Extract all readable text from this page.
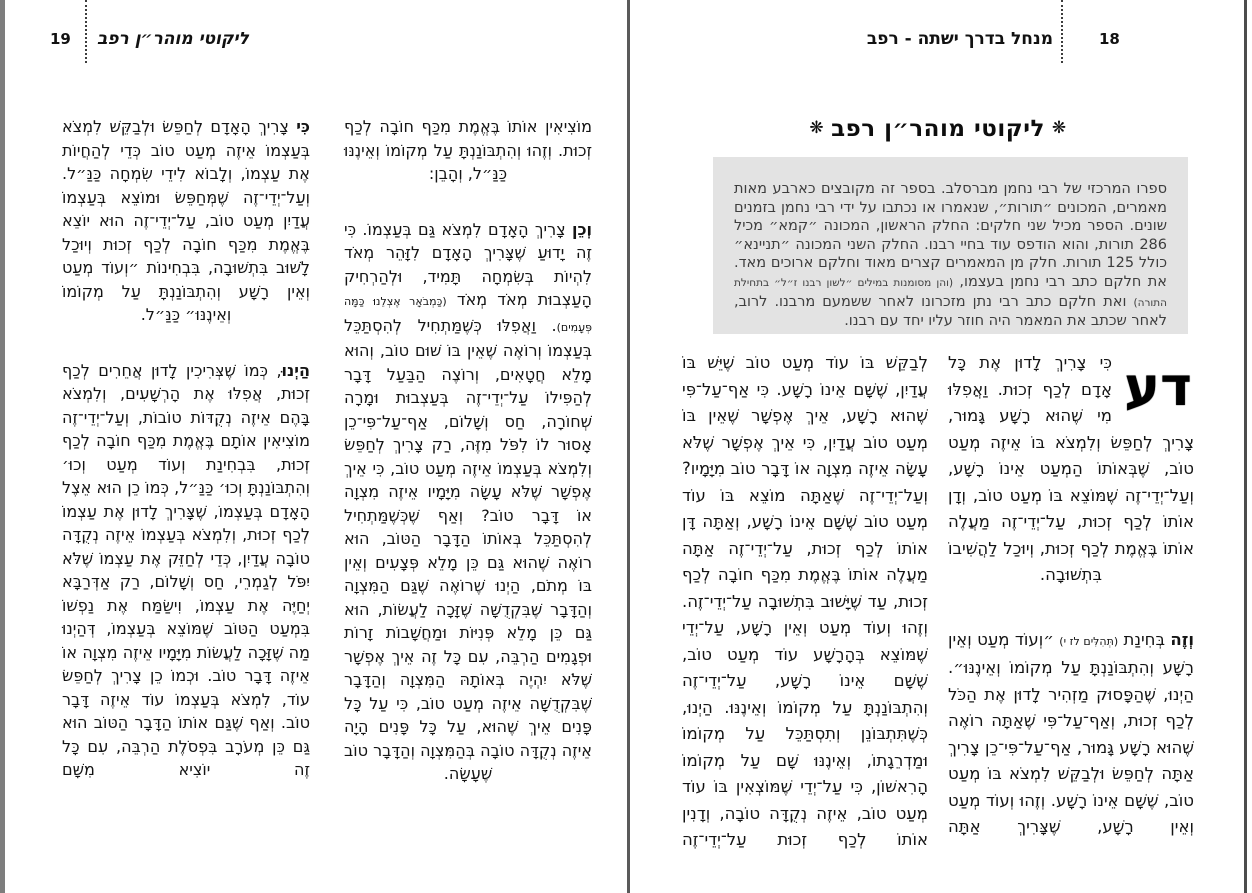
19 ליקוטי מוהר״ן רפב

כִּי צָרִיךְ הָאָדָם לְחַפֵּשׂ וּלְבַקֵּשׁ לִמְצֹא בְּעַצְמוֹ אֵיזֶה מְעַט טוֹב כְּדֵי לְהַחֲיוֹת אֶת עַצְמוֹ, וְלָבוֹא לִידֵי שִׂמְחָה כַּנַּ״ל. וְעַל־יְדֵי־זֶה שֶׁמְּחַפֵּשׂ וּמוֹצֵא בְּעַצְמוֹ עֲדַיִן מְעַט טוֹב, עַל־יְדֵי־זֶה הוּא יוֹצֵא בֶּאֱמֶת מִכַּף חוֹבָה לְכַף זְכוּת וְיוּכַל לָשׁוּב בִּתְשׁוּבָה, בִּבְחִינוֹת ״וְעוֹד מְעַט וְאֵין רָשָׁע וְהִתְבּוֹנַנְתָּ עַל מְקוֹמוֹ וְאֵינֶנּוּ״ כַּנַּ״ל.

הַיְנוּ, כְּמוֹ שֶׁצְּרִיכִין לָדוּן אֲחֵרִים לְכַף זְכוּת, אֲפִלּוּ אֶת הָרְשָׁעִים, וְלִמְצֹא בָּהֶם אֵיזֶה נְקֻדּוֹת טוֹבוֹת, וְעַל־יְדֵי־זֶה מוֹצִיאִין אוֹתָם בֶּאֱמֶת מִכַּף חוֹבָה לְכַף זְכוּת, בִּבְחִינַת וְעוֹד מְעַט וְכוּ׳ וְהִתְבּוֹנַנְתָּ וְכוּ׳ כַּנַּ״ל, כְּמוֹ כֵן הוּא אֵצֶל הָאָדָם בְּעַצְמוֹ, שֶׁצָּרִיךְ לָדוּן אֶת עַצְמוֹ לְכַף זְכוּת, וְלִמְצֹא בְּעַצְמוֹ אֵיזֶה נְקֻדָּה טוֹבָה עֲדַיִן, כְּדֵי לְחַזֵּק אֶת עַצְמוֹ שֶׁלֹּא יִפֹּל לְגַמְרֵי, חַס וְשָׁלוֹם, רַק אַדְּרַבָּא יְחַיֶּה אֶת עַצְמוֹ, וִישַׂמַּח אֶת נַפְשׁוֹ בִּמְעַט הַטּוֹב שֶׁמּוֹצֵא בְּעַצְמוֹ, דְּהַיְנוּ מַה שֶּׁזָּכָה לַעֲשׂוֹת מִיָּמָיו אֵיזֶה מִצְוָה אוֹ אֵיזֶה דָּבָר טוֹב. וּכְמוֹ כֵן צָרִיךְ לְחַפֵּשׂ עוֹד, לִמְצֹא בְּעַצְמוֹ עוֹד אֵיזֶה דָּבָר טוֹב. וְאַף שֶׁגַּם אוֹתוֹ הַדָּבָר הַטּוֹב הוּא גַּם כֵּן מְעֹרָב בִּפְסֹלֶת הַרְבֵּה, עִם כָּל זֶה יוֹצִיא מִשָּׁם

מוֹצִיאִין אוֹתוֹ בֶּאֱמֶת מִכַּף חוֹבָה לְכַף זְכוּת. וְזֶהוּ וְהִתְבּוֹנַנְתָּ עַל מְקוֹמוֹ וְאֵינֶנּוּ כַּנַּ״ל, וְהָבֵן:

וְכֵן צָרִיךְ הָאָדָם לִמְצֹא גַּם בְּעַצְמוֹ. כִּי זֶה יָדוּעַ שֶׁצָּרִיךְ הָאָדָם לִזָּהֵר מְאֹד לִהְיוֹת בְּשִׂמְחָה תָּמִיד, וּלְהַרְחִיק הָעַצְבוּת מְאֹד מְאֹד (כַּמְבֹאָר אֶצְלֵנוּ כַּמָּה פְּעָמִים). וַאֲפִלּוּ כְּשֶׁמַּתְחִיל לְהִסְתַּכֵּל בְּעַצְמוֹ וְרוֹאֶה שֶׁאֵין בּוֹ שׁוּם טוֹב, וְהוּא מָלֵא חֲטָאִים, וְרוֹצֶה הַבַּעַל דָּבָר לְהַפִּילוֹ עַל־יְדֵי־זֶה בְּעַצְבוּת וּמָרָה שְׁחוֹרָה, חַס וְשָׁלוֹם, אַף־עַל־פִּי־כֵן אָסוּר לוֹ לִפֹּל מִזֶּה, רַק צָרִיךְ לְחַפֵּשׂ וְלִמְצֹא בְּעַצְמוֹ אֵיזֶה מְעַט טוֹב, כִּי אֵיךְ אֶפְשָׁר שֶׁלֹּא עָשָׂה מִיָּמָיו אֵיזֶה מִצְוָה אוֹ דָּבָר טוֹב? וְאַף שֶׁכְּשֶׁמַּתְחִיל לְהִסְתַּכֵּל בְּאוֹתוֹ הַדָּבָר הַטּוֹב, הוּא רוֹאֶה שֶׁהוּא גַּם כֵּן מָלֵא פְּצָעִים וְאֵין בּוֹ מְתֹם, הַיְנוּ שֶׁרוֹאֶה שֶׁגַּם הַמִּצְוָה וְהַדָּבָר שֶׁבִּקְדֻשָּׁה שֶׁזָּכָה לַעֲשׂוֹת, הוּא גַּם כֵּן מָלֵא פְּנִיּוֹת וּמַחֲשָׁבוֹת זָרוֹת וּפְגָמִים הַרְבֵּה, עִם כָּל זֶה אֵיךְ אֶפְשָׁר שֶׁלֹּא יִהְיֶה בְּאוֹתָהּ הַמִּצְוָה וְהַדָּבָר שֶׁבִּקְדֻשָּׁה אֵיזֶה מְעַט טוֹב, כִּי עַל כָּל פָּנִים אֵיךְ שֶׁהוּא, עַל כָּל פָּנִים הָיָה אֵיזֶה נְקֻדָּה טוֹבָה בְּהַמִּצְוָה וְהַדָּבָר טוֹב שֶׁעָשָׂה.

מנחל בדרך ישתה - רפב	18
❋ליקוטי מוהר״ן רפב❋
ספרו המרכזי של רבי נחמן מברסלב. בספר זה מקובצים כארבע מאות מאמרים, המכונים ״תורות״, שנאמרו או נכתבו על ידי רבי נחמן בזמנים שונים. הספר מכיל שני חלקים: החלק הראשון, המכונה ״קמא״ מכיל 286 תורות, והוא הודפס עוד בחיי רבנו. החלק השני המכונה ״תניינא״ כולל 125 תורות. חלק מן המאמרים קצרים מאוד וחלקם ארוכים מאד. את חלקם כתב רבי נחמן בעצמו, (והן מסומנות במילים ״לשון רבנו ז״ל״ בתחילת התורה) ואת חלקם כתב רבי נתן מזכרונו לאחר ששמעם מרבנו. לרוב, לאחר שכתב את המאמר היה חוזר עליו יחד עם רבנו.

דע
כִּי צָרִיךְ לָדוּן אֶת כָּל אָדָם לְכַף זְכוּת. וַאֲפִלּוּ מִי שֶׁהוּא רָשָׁע גָּמוּר, צָרִיךְ לְחַפֵּשׂ וְלִמְצֹא בּוֹ אֵיזֶה מְעַט טוֹב, שֶׁבְּאוֹתוֹ הַמְעַט אֵינוֹ רָשָׁע, וְעַל־יְדֵי־זֶה שֶׁמּוֹצֵא בּוֹ מְעַט טוֹב, וְדָן אוֹתוֹ לְכַף זְכוּת, עַל־יְדֵי־זֶה מַעֲלֶה אוֹתוֹ בֶּאֱמֶת לְכַף זְכוּת, וְיוּכַל לַהֲשִׁיבוֹ בִּתְשׁוּבָה.

וְזֶה בְּחִינַת (תְּהִלִּים לז י) ״וְעוֹד מְעַט וְאֵין רָשָׁע וְהִתְבּוֹנַנְתָּ עַל מְקוֹמוֹ וְאֵינֶנּוּ״. הַיְנוּ, שֶׁהַפָּסוּק מַזְהִיר לָדוּן אֶת הַכֹּל לְכַף זְכוּת, וְאַף־עַל־פִּי שֶׁאַתָּה רוֹאֶה שֶׁהוּא רָשָׁע גָּמוּר, אַף־עַל־פִּי־כֵן צָרִיךְ אַתָּה לְחַפֵּשׂ וּלְבַקֵּשׁ לִמְצֹא בּוֹ מְעַט טוֹב, שֶׁשָּׁם אֵינוֹ רָשָׁע. וְזֶהוּ וְעוֹד מְעַט וְאֵין רָשָׁע, שֶׁצָּרִיךְ אַתָּה

לְבַקֵּשׁ בּוֹ עוֹד מְעַט טוֹב שֶׁיֵּשׁ בּוֹ עֲדַיִן, שֶׁשָּׁם אֵינוֹ רָשָׁע. כִּי אַף־עַל־פִּי שֶׁהוּא רָשָׁע, אֵיךְ אֶפְשָׁר שֶׁאֵין בּוֹ מְעַט טוֹב עֲדַיִן, כִּי אֵיךְ אֶפְשָׁר שֶׁלֹּא עָשָׂה אֵיזֶה מִצְוָה אוֹ דָּבָר טוֹב מִיָּמָיו? וְעַל־יְדֵי־זֶה שֶׁאַתָּה מוֹצֵא בּוֹ עוֹד מְעַט טוֹב שֶׁשָּׁם אֵינוֹ רָשָׁע, וְאַתָּה דָּן אוֹתוֹ לְכַף זְכוּת, עַל־יְדֵי־זֶה אַתָּה מַעֲלֶה אוֹתוֹ בֶּאֱמֶת מִכַּף חוֹבָה לְכַף זְכוּת, עַד שֶׁיָּשׁוּב בִּתְשׁוּבָה עַל־יְדֵי־זֶה. וְזֶהוּ וְעוֹד מְעַט וְאֵין רָשָׁע, עַל־יְדֵי שֶׁמּוֹצֵא בְּהָרָשָׁע עוֹד מְעַט טוֹב, שֶׁשָּׁם אֵינוֹ רָשָׁע, עַל־יְדֵי־זֶה וְהִתְבּוֹנַנְתָּ עַל מְקוֹמוֹ וְאֵינֶנּוּ. הַיְנוּ, כְּשֶׁתִּתְבּוֹנֵן וְתִסְתַּכֵּל עַל מְקוֹמוֹ וּמַדְרֵגָתוֹ, וְאֵינֶנּוּ שָׁם עַל מְקוֹמוֹ הָרִאשׁוֹן, כִּי עַל־יְדֵי שֶׁמּוֹצְאִין בּוֹ עוֹד מְעַט טוֹב, אֵיזֶה נְקֻדָּה טוֹבָה, וְדָנִין אוֹתוֹ לְכַף זְכוּת עַל־יְדֵי־זֶה
